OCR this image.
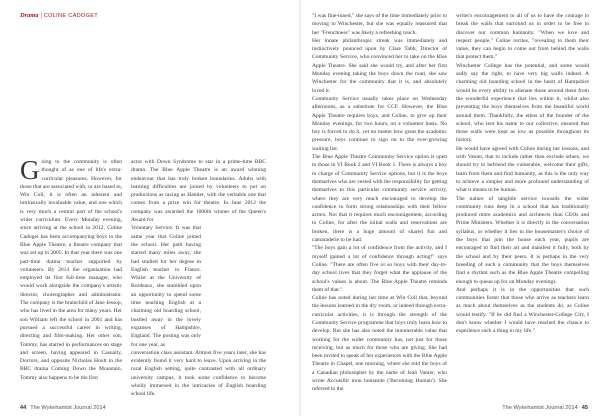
Drama | COLINE CADOGET

Going to the community is often thought of as one of life's extra-curricular pleasures. However, for those that are associated with, or are based in, Win Coll, it is often an inherent and intrinsically invaluable value, and one which is very much a central part of the school's wider curriculum. Every Monday evening, since arriving at the school in 2012, Coline Cadoget has been accompanying boys to the Blue Apple Theatre, a theatre company that was set up in 2005. In that year there was one part-time drama teacher supported by volunteers. By 2014 the organisation had employed its first full-time manager, who would work alongside the company's artistic director, choreographer and administrator. The company is the brainchild of Jane Jessop, who has lived in the area for many years. Her son William left the school in 2001 and has pursued a successful career in writing, directing and film-making. Her other son, Tommy, has starred in performances on stage and screen, having appeared in Casualty, Doctors, and opposite Nicholas Hoult in the BBC drama Coming Down the Mountain. Tommy also happens to be the first

actor with Down Syndrome to star in a prime-time BBC drama. The Blue Apple Theatre is an award winning endeavour that has truly broken boundaries. Adults with learning difficulties are joined by volunteers to put on productions as taxing as Hamlet, with the veritable one that comes from a prize win for theatre. In June 2012 the company was awarded the 1000th winner of the Queen's Award for

Voluntary Service. It was that same year that Coline joined the school. Her path having started many miles away, she had studied for her degree in English teacher in France. Whilst at the University of Bordeaux, she stumbled upon an opportunity to spend some time teaching English at a charming old boarding school, bustled away in the lovely expanses of Hampshire, England. The posting was only for one year, as

conversation class assistant. Almost five years later, she has evidently found it very hard to leave. Upon arriving in the rural English setting, quite contrasted with all ordinary university campus, it took some confidence to become wholly immersed in the intricacies of English boarding school life.

44 The Wykehamist Journal 2014

"I was fine-tuned," she says of the time immediately prior to moving to Winchester, but she was equally reassured that her "Frenchness" was likely a refreshing touch.

Her innate philanthropic streak was immediately and instinctively pounced upon by Clare Tabb, Director of Community Service, who convinced her to take on the Blue Apple Theatre. She said she would try, and after her first Monday evening taking the boys down the road, she saw Winchester for the community that it is, and absolutely loved it.

Community Service usually takes place on Wednesday afternoons, as a substitute for CCF. However, the Blue Apple Theatre requires boys, and Coline, to give up their Monday evenings, for two hours, on a volunteer basis. No boy is forced to do it, yet no matter how great the academic pressure, boys continue to sign on to the ever-growing waiting list.

The Blue Apple Theatre Community Service option is open to those in VI Book 2 and VI Book 1. There is always a boy in charge of Community Service options, but it is the boys themselves who are vested with the responsibility for getting themselves to this particular community service activity, where they are very much encouraged to develop the confidence to form strong relationships with their fellow actors. Not that it requires much encouragement, according to Coline, for after the initial walls and reservations are broken, there is a huge amount of shared fun and camaraderie to be had.

"The boys gain a lot of confidence from the activity, and I myself gained a lot of confidence through acting!" says Coline. "There are often five or so boys with their day-to-day school lives that they forget what the applause of the school's values is about. The Blue Apple Theatre reminds them of that."

Coline has noted during her time at Win Coll that, beyond the lessons learned in the dry room, or indeed through extra-curricular activities, it is through the strength of the Community Service programme that boys truly learn how to develop. But she has also noted the innumerable value that working for the wider community has, not just for those receiving, but as much for those who are giving. She had been invited to speak of her experiences with the Blue Apple Theatre in Chapel, one morning, where she told the boys of a Canadian philosopher by the name of Jean Vanier, who wrote Accueillir mon humanite ('Becoming Human'). She referred to the

writer's encouragement to all of us to have the courage to break the walls that surround us in order to be free to discover our common humanity. "When we love and respect people," Coline recites, "revealing to them their value, they can begin to come out from behind the walls that protect them."

Winchester College has the potential, and some would sadly say the right, to have very big walls indeed. A charming old boarding school in the heart of Hampshire would be every ability to alienate those around them from the wonderful experience that lies within it, whilst also preventing the boys themselves from the beautiful world around them. Thankfully, the ethos of the founder of the school, who lent his name to our collective, ensured that those walls were kept as low as possible throughout its history.

He would have agreed with Coline during her lessons, and with Vanier, that to include rather than exclude others, we should try to befriend the vulnerable, welcome their gifts, learn from them and find humanity, as this is the only way to achieve a simpler and more profound understanding of what it means to be human.

The nature of tangible service towards the wider community runs deep in a school that has traditionally produced more academics and architects than CEOs and Prime Ministers. Whether it is directly in the conversation syllabus, or whether it lies in the housemaster's choice of the boys that join the house each year, pupils are encouraged to find their art and manifest it fully, both by the school and by their peers. It is perhaps in the very breeding of such a community that the boys themselves find a rhythm such as the Blue Apple Theatre compelling enough to queue up for on Monday evenings.

And perhaps it is in the opportunities that such communities foster that those who arrive as teachers learn as much about themselves as the students do, as Coline would testify. "If he did find a Winchester-College City, I don't know whether I would have reached the chance to experience such a thing in my life."

The Wykehamist Journal 2014 45
